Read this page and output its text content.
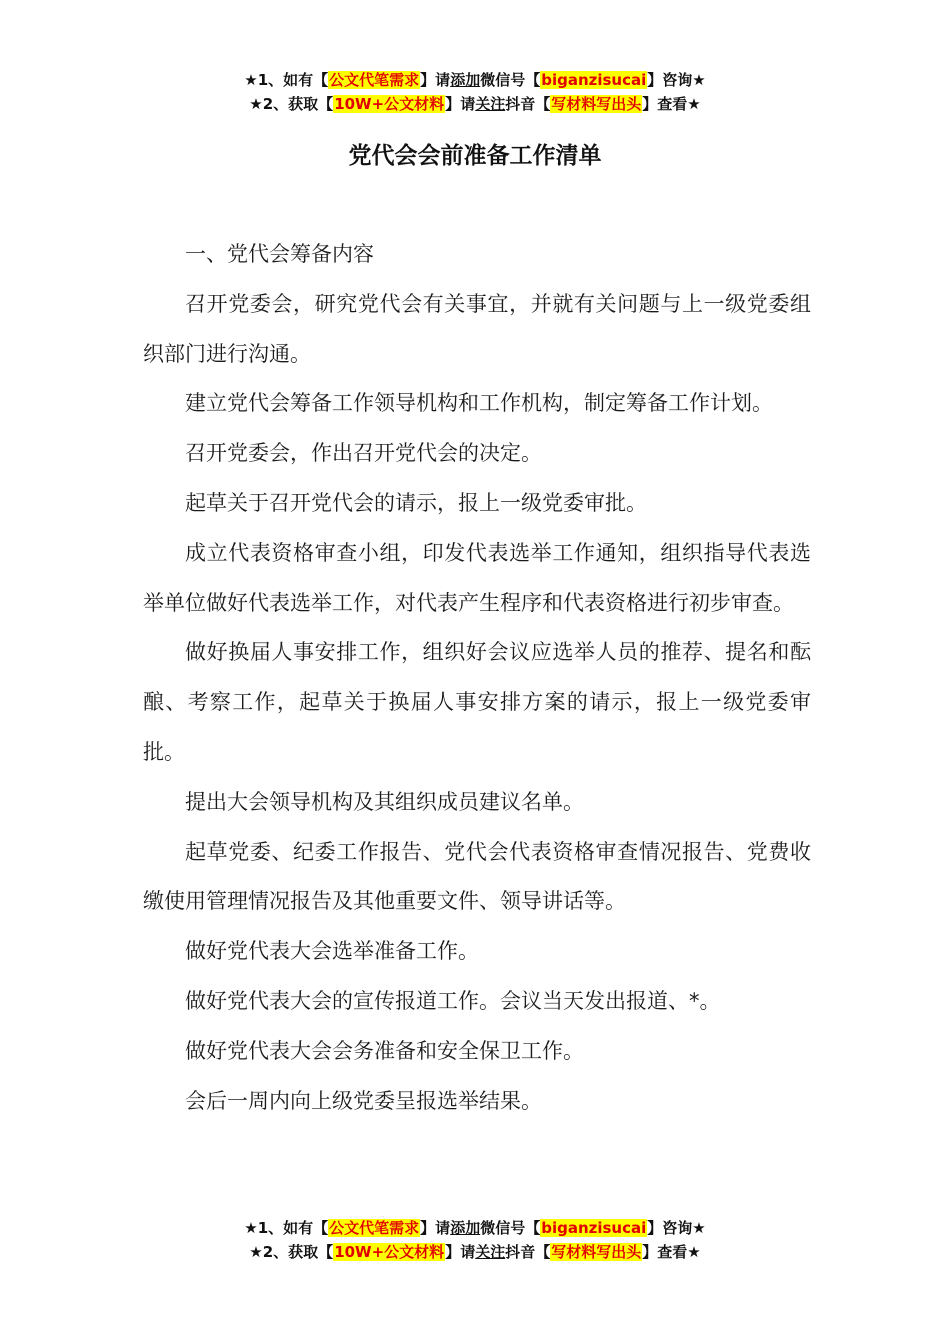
★1、如有【公文代笔需求】请添加微信号【biganzisucai】咨询★
★2、获取【10W+公文材料】请关注抖音【写材料写出头】查看★
党代会会前准备工作清单

一、党代会筹备内容

召开党委会，研究党代会有关事宜，并就有关问题与上一级党委组织部门进行沟通。

建立党代会筹备工作领导机构和工作机构，制定筹备工作计划。

召开党委会，作出召开党代会的决定。

起草关于召开党代会的请示，报上一级党委审批。

成立代表资格审查小组，印发代表选举工作通知，组织指导代表选举单位做好代表选举工作，对代表产生程序和代表资格进行初步审查。

做好换届人事安排工作，组织好会议应选举人员的推荐、提名和酝酿、考察工作，起草关于换届人事安排方案的请示，报上一级党委审批。

提出大会领导机构及其组织成员建议名单。

起草党委、纪委工作报告、党代会代表资格审查情况报告、党费收缴使用管理情况报告及其他重要文件、领导讲话等。

做好党代表大会选举准备工作。

做好党代表大会的宣传报道工作。会议当天发出报道、*。

做好党代表大会会务准备和安全保卫工作。

会后一周内向上级党委呈报选举结果。

★1、如有【公文代笔需求】请添加微信号【biganzisucai】咨询★
★2、获取【10W+公文材料】请关注抖音【写材料写出头】查看★
